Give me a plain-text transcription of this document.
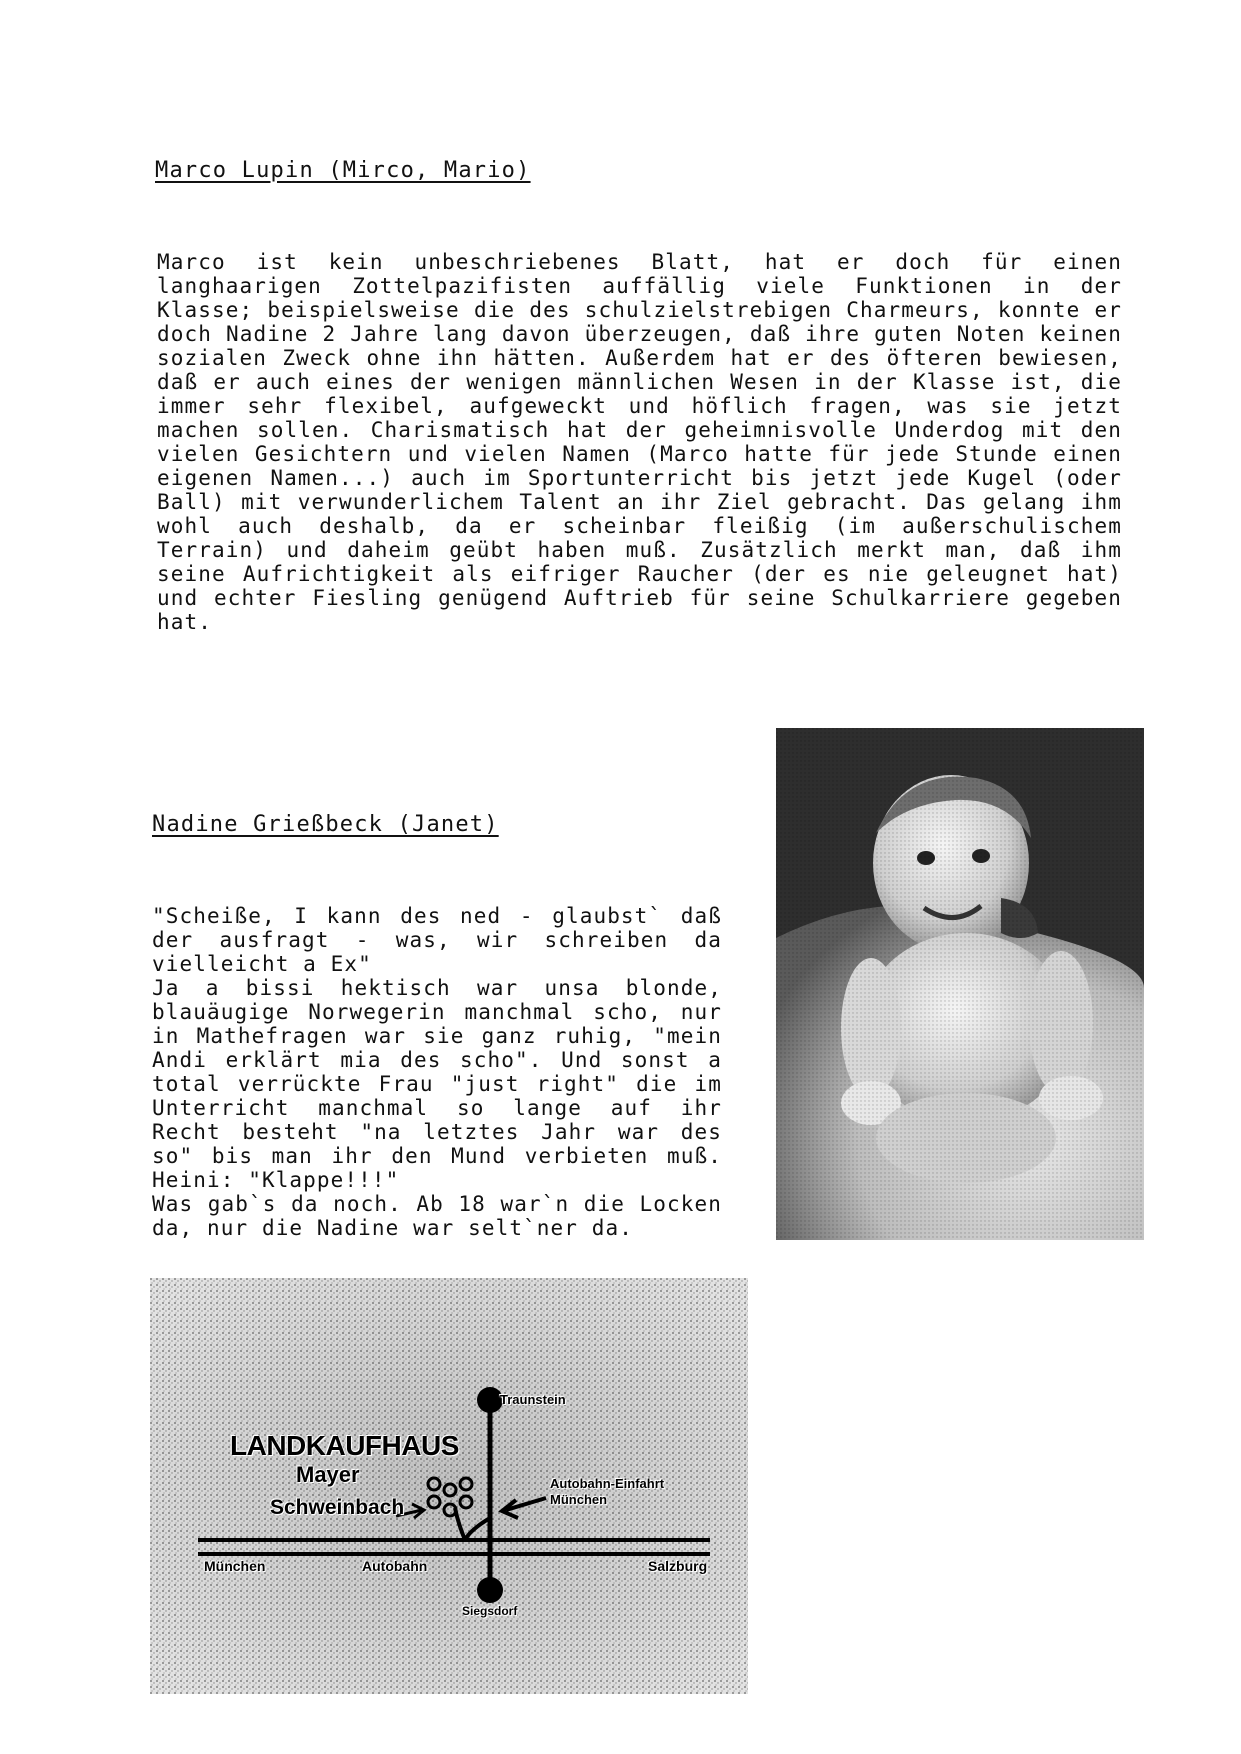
Marco Lupin (Mirco, Mario)
Marco ist kein unbeschriebenes Blatt, hat er doch für einen langhaarigen Zottelpazifisten auffällig viele Funktionen in der Klasse; beispielsweise die des schulzielstrebigen Charmeurs, konnte er doch Nadine 2 Jahre lang davon überzeugen, daß ihre guten Noten keinen sozialen Zweck ohne ihn hätten. Außerdem hat er des öfteren bewiesen, daß er auch eines der wenigen männlichen Wesen in der Klasse ist, die immer sehr flexibel, aufgeweckt und höflich fragen, was sie jetzt machen sollen. Charismatisch hat der geheimnisvolle Underdog mit den vielen Gesichtern und vielen Namen (Marco hatte für jede Stunde einen eigenen Namen...) auch im Sportunterricht bis jetzt jede Kugel (oder Ball) mit verwunderlichem Talent an ihr Ziel gebracht. Das gelang ihm wohl auch deshalb, da er scheinbar fleißig (im außerschulischem Terrain) und daheim geübt haben muß. Zusätzlich merkt man, daß ihm seine Aufrichtigkeit als eifriger Raucher (der es nie geleugnet hat) und echter Fiesling genügend Auftrieb für seine Schulkarriere gegeben hat.
Nadine Grießbeck (Janet)
"Scheiße, I kann des ned - glaubst` daß der ausfragt - was, wir schreiben da vielleicht a Ex"
Ja a bissi hektisch war unsa blonde, blauäugige Norwegerin manchmal scho, nur in Mathefragen war sie ganz ruhig, "mein Andi erklärt mia des scho". Und sonst a total verrückte Frau "just right" die im Unterricht manchmal so lange auf ihr Recht besteht "na letztes Jahr war des so" bis man ihr den Mund verbieten muß. Heini: "Klappe!!!"
Was gab`s da noch. Ab 18 war`n die Locken da, nur die Nadine war selt`ner da.
LANDKAUFHAUS
Mayer
Schweinbach
Traunstein
Autobahn-Einfahrt
München
München	Autobahn	Salzburg
Siegsdorf
